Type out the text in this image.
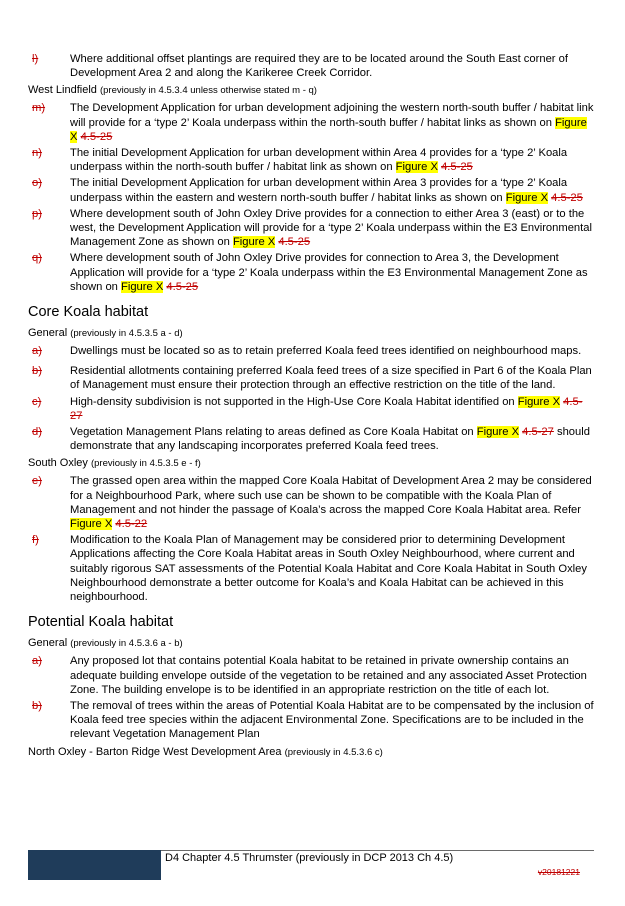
l)	Where additional offset plantings are required they are to be located around the South East corner of Development Area 2 and along the Karikeree Creek Corridor.
West Lindfield (previously in 4.5.3.4 unless otherwise stated m - q)
m) The Development Application for urban development adjoining the western north-south buffer / habitat link will provide for a ‘type 2’ Koala underpass within the north-south buffer / habitat links as shown on Figure X 4.5-25
n)	The initial Development Application for urban development within Area 4 provides for a ‘type 2’ Koala underpass within the north-south buffer / habitat link as shown on Figure X 4.5-25
o)	The initial Development Application for urban development within Area 3 provides for a ‘type 2’ Koala underpass within the eastern and western north-south buffer / habitat links as shown on Figure X 4.5-25
p)	Where development south of John Oxley Drive provides for a connection to either Area 3 (east) or to the west, the Development Application will provide for a ‘type 2’ Koala underpass within the E3 Environmental Management Zone as shown on Figure X 4.5-25
q)	Where development south of John Oxley Drive provides for connection to Area 3, the Development Application will provide for a ‘type 2’ Koala underpass within the E3 Environmental Management Zone as shown on Figure X 4.5-25
Core Koala habitat
General (previously in 4.5.3.5 a - d)
a)	Dwellings must be located so as to retain preferred Koala feed trees identified on neighbourhood maps.
b)	Residential allotments containing preferred Koala feed trees of a size specified in Part 6 of the Koala Plan of Management must ensure their protection through an effective restriction on the title of the land.
c)	High-density subdivision is not supported in the High-Use Core Koala Habitat identified on Figure X 4.5-27
d)	Vegetation Management Plans relating to areas defined as Core Koala Habitat on Figure X 4.5-27 should demonstrate that any landscaping incorporates preferred Koala feed trees.
South Oxley (previously in 4.5.3.5 e - f)
e)	The grassed open area within the mapped Core Koala Habitat of Development Area 2 may be considered for a Neighbourhood Park, where such use can be shown to be compatible with the Koala Plan of Management and not hinder the passage of Koala’s across the mapped Core Koala Habitat area. Refer Figure X 4.5-22
f)	Modification to the Koala Plan of Management may be considered prior to determining Development Applications affecting the Core Koala Habitat areas in South Oxley Neighbourhood, where current and suitably rigorous SAT assessments of the Potential Koala Habitat and Core Koala Habitat in South Oxley Neighbourhood demonstrate a better outcome for Koala’s and Koala Habitat can be achieved in this neighbourhood.
Potential Koala habitat
General (previously in 4.5.3.6 a - b)
a)	Any proposed lot that contains potential Koala habitat to be retained in private ownership contains an adequate building envelope outside of the vegetation to be retained and any associated Asset Protection Zone. The building envelope is to be identified in an appropriate restriction on the title of each lot.
b)	The removal of trees within the areas of Potential Koala Habitat are to be compensated by the inclusion of Koala feed tree species within the adjacent Environmental Zone. Specifications are to be included in the relevant Vegetation Management Plan
North Oxley - Barton Ridge West Development Area (previously in 4.5.3.6 c)
D4 Chapter 4.5 Thrumster (previously in DCP 2013 Ch 4.5)
v20181221
